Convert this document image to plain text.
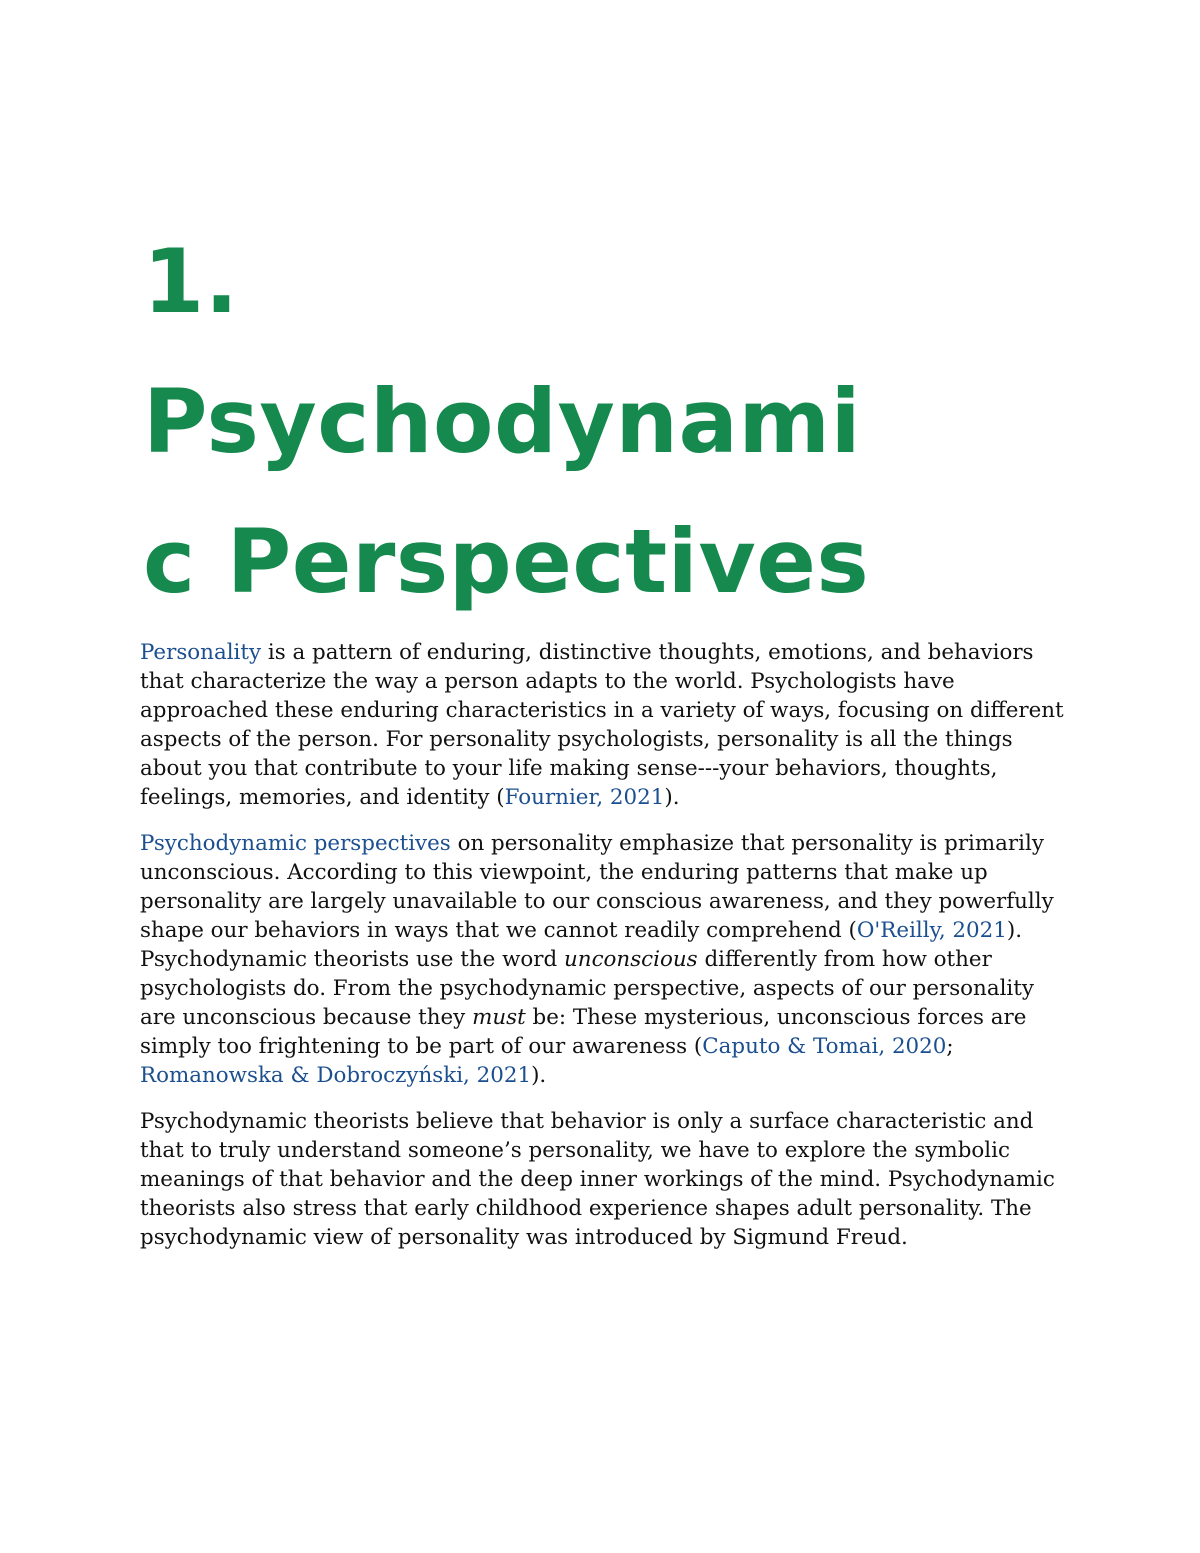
1.
Psychodynami
c Perspectives

Personality is a pattern of enduring, distinctive thoughts, emotions, and behaviors that characterize the way a person adapts to the world. Psychologists have approached these enduring characteristics in a variety of ways, focusing on different aspects of the person. For personality psychologists, personality is all the things about you that contribute to your life making sense---your behaviors, thoughts, feelings, memories, and identity (Fournier, 2021).

Psychodynamic perspectives on personality emphasize that personality is primarily unconscious. According to this viewpoint, the enduring patterns that make up personality are largely unavailable to our conscious awareness, and they powerfully shape our behaviors in ways that we cannot readily comprehend (O'Reilly, 2021). Psychodynamic theorists use the word unconscious differently from how other psychologists do. From the psychodynamic perspective, aspects of our personality are unconscious because they must be: These mysterious, unconscious forces are simply too frightening to be part of our awareness (Caputo & Tomai, 2020; Romanowska & Dobroczyński, 2021).

Psychodynamic theorists believe that behavior is only a surface characteristic and that to truly understand someone’s personality, we have to explore the symbolic meanings of that behavior and the deep inner workings of the mind. Psychodynamic theorists also stress that early childhood experience shapes adult personality. The psychodynamic view of personality was introduced by Sigmund Freud.
